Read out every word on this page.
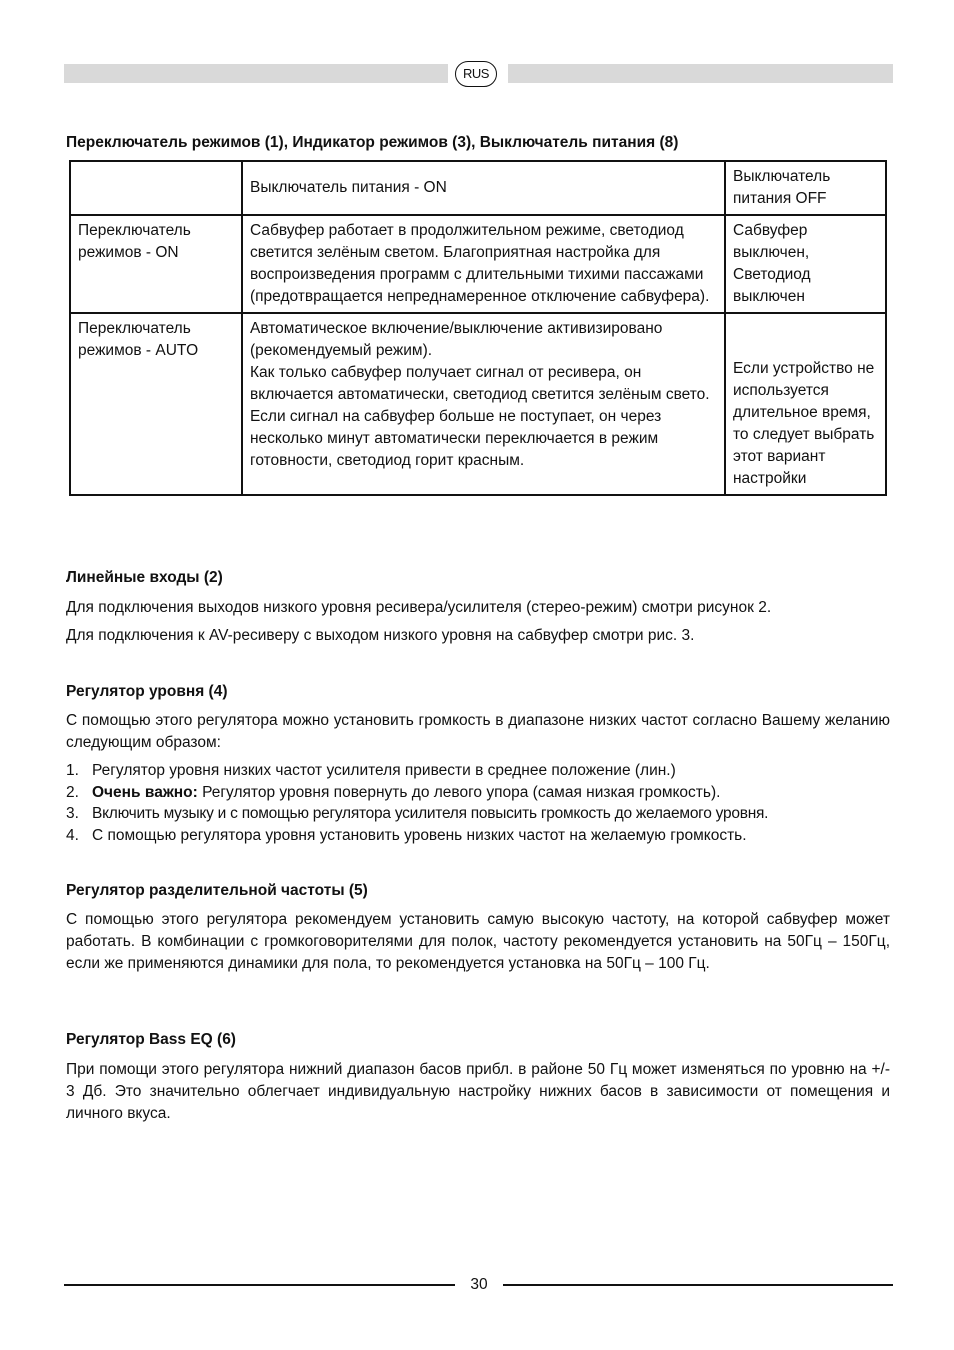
RUS
Переключатель режимов (1), Индикатор режимов (3), Выключатель питания (8)
	Выключатель питания - ON	Выключатель питания OFF
Переключатель режимов - ON	Сабвуфер работает в продолжительном режиме, светодиод светится зелёным светом. Благоприятная настройка для воспроизведения программ с длительными тихими пассажами (предотвращается непреднамеренное отключение сабвуфера).	Сабвуфер выключен, Светодиод выключен
Переключатель режимов - AUTO	Автоматическое включение/выключение активизировано (рекомендуемый режим).
Как только сабвуфер получает сигнал от ресивера, он включается автоматически, светодиод светится зелёным свето.
Если сигнал на сабвуфер больше не поступает, он через несколько минут автоматически переключается в режим готовности, светодиод горит красным.	Если устройство не используется длительное время, то следует выбрать этот вариант настройки
Линейные входы (2)
Для подключения выходов низкого уровня ресивера/усилителя (стерео-режим) смотри рисунок 2.
Для подключения к AV-ресиверу с выходом низкого уровня на сабвуфер смотри рис. 3.
Регулятор уровня (4)
С помощью этого регулятора можно установить громкость в диапазоне низких частот согласно Вашему желанию следующим образом:
1. Регулятор уровня низких частот усилителя привести в среднее положение (лин.)
2. Очень важно: Регулятор уровня повернуть до левого упора (самая низкая громкость).
3. Включить музыку и с помощью регулятора усилителя повысить громкость до желаемого уровня.
4. С помощью регулятора уровня установить уровень низких частот на желаемую громкость.
Регулятор разделительной частоты (5)
С помощью этого регулятора рекомендуем установить самую высокую частоту, на которой сабвуфер может работать. В комбинации с громкоговорителями для полок, частоту рекомендуется установить на 50Гц – 150Гц, если же применяются динамики для пола, то рекомендуется установка на 50Гц – 100 Гц.
Регулятор Bass EQ (6)
При помощи этого регулятора нижний диапазон басов прибл. в районе 50 Гц может изменяться по уровню на +/- 3 Дб. Это значительно облегчает индивидуальную настройку нижних басов в зависимости от помещения и личного вкуса.
30
